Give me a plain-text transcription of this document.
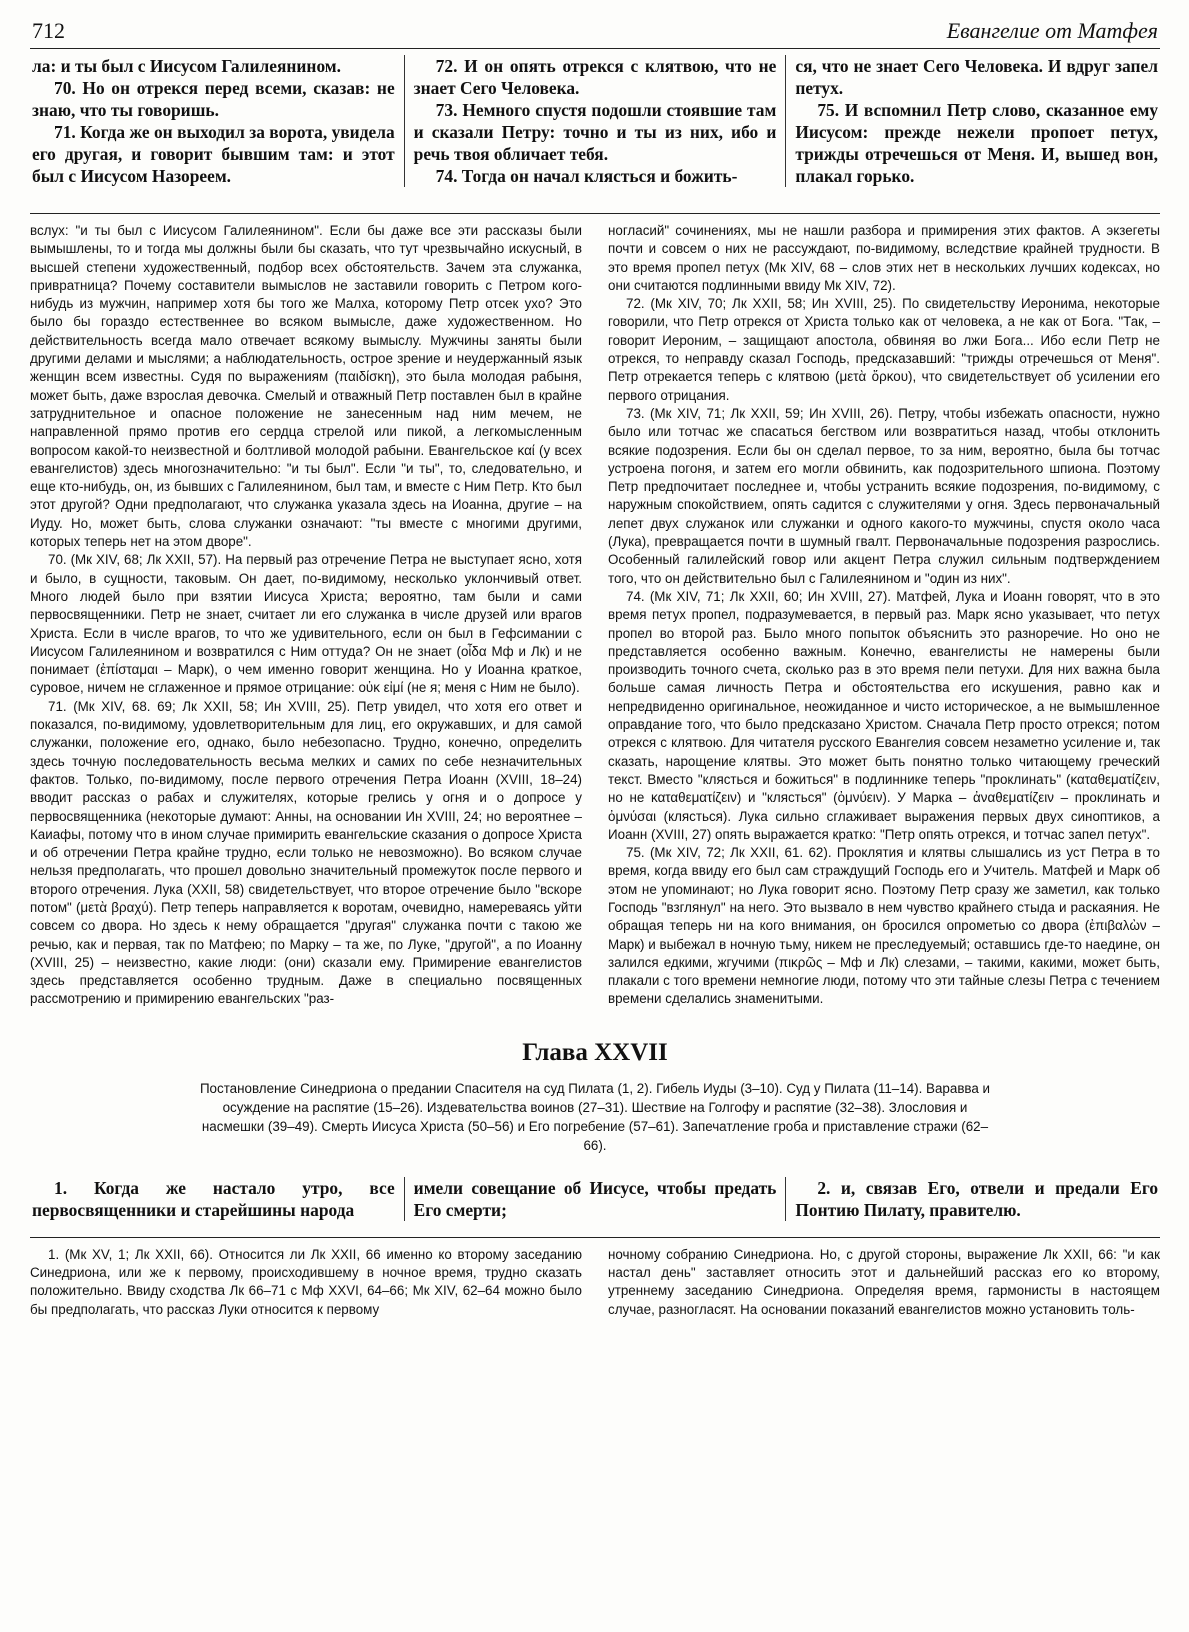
712	Евангелие от Матфея

ла: и ты был с Иисусом Галилеянином.

70. Но он отрекся перед всеми, сказав: не знаю, что ты говоришь.

71. Когда же он выходил за ворота, увидела его другая, и говорит бывшим там: и этот был с Иисусом Назореем.

72. И он опять отрекся с клятвою, что не знает Сего Человека.

73. Немного спустя подошли стоявшие там и сказали Петру: точно и ты из них, ибо и речь твоя обличает тебя.

74. Тогда он начал клясться и божить-

ся, что не знает Сего Человека. И вдруг запел петух.

75. И вспомнил Петр слово, сказанное ему Иисусом: прежде нежели пропоет петух, трижды отречешься от Меня. И, вышед вон, плакал горько.

вслух: "и ты был с Иисусом Галилеянином". Если бы даже все эти рассказы были вымышлены, то и тогда мы должны были бы сказать, что тут чрезвычайно искусный, в высшей степени художественный, подбор всех обстоятельств. Зачем эта служанка, привратница? Почему составители вымыслов не заставили говорить с Петром кого-нибудь из мужчин, например хотя бы того же Малха, которому Петр отсек ухо? Это было бы гораздо естественнее во всяком вымысле, даже художественном. Но действительность всегда мало отвечает всякому вымыслу. Мужчины заняты были другими делами и мыслями; а наблюдательность, острое зрение и неудержанный язык женщин всем известны. Судя по выражениям (παιδίσκη), это была молодая рабыня, может быть, даже взрослая девочка. Смелый и отважный Петр поставлен был в крайне затруднительное и опасное положение не занесенным над ним мечем, не направленной прямо против его сердца стрелой или пикой, а легкомысленным вопросом какой-то неизвестной и болтливой молодой рабыни. Евангельское καί (у всех евангелистов) здесь многозначительно: "и ты был". Если "и ты", то, следовательно, и еще кто-нибудь, он, из бывших с Галилеянином, был там, и вместе с Ним Петр. Кто был этот другой? Одни предполагают, что служанка указала здесь на Иоанна, другие – на Иуду. Но, может быть, слова служанки означают: "ты вместе с многими другими, которых теперь нет на этом дворе".

70. (Мк XIV, 68; Лк XXII, 57). На первый раз отречение Петра не выступает ясно, хотя и было, в сущности, таковым. Он дает, по-видимому, несколько уклончивый ответ. Много людей было при взятии Иисуса Христа; вероятно, там были и сами первосвященники. Петр не знает, считает ли его служанка в числе друзей или врагов Христа. Если в числе врагов, то что же удивительного, если он был в Гефсимании с Иисусом Галилеянином и возвратился с Ним оттуда? Он не знает (οἶδα Мф и Лк) и не понимает (ἐπίσταμαι – Марк), о чем именно говорит женщина. Но у Иоанна краткое, суровое, ничем не сглаженное и прямое отрицание: οὐκ εἰμί (не я; меня с Ним не было).

71. (Мк XIV, 68. 69; Лк XXII, 58; Ин XVIII, 25). Петр увидел, что хотя его ответ и показался, по-видимому, удовлетворительным для лиц, его окружавших, и для самой служанки, положение его, однако, было небезопасно. Трудно, конечно, определить здесь точную последовательность весьма мелких и самих по себе незначительных фактов. Только, по-видимому, после первого отречения Петра Иоанн (XVIII, 18–24) вводит рассказ о рабах и служителях, которые грелись у огня и о допросе у первосвященника (некоторые думают: Анны, на основании Ин XVIII, 24; но вероятнее – Каиафы, потому что в ином случае примирить евангельские сказания о допросе Христа и об отречении Петра крайне трудно, если только не невозможно). Во всяком случае нельзя предполагать, что прошел довольно значительный промежуток после первого и второго отречения. Лука (XXII, 58) свидетельствует, что второе отречение было "вскоре потом" (μετὰ βραχύ). Петр теперь направляется к воротам, очевидно, намереваясь уйти совсем со двора. Но здесь к нему обращается "другая" служанка почти с такою же речью, как и первая, так по Матфею; по Марку – та же, по Луке, "другой", а по Иоанну (XVIII, 25) – неизвестно, какие люди: (они) сказали ему. Примирение евангелистов здесь представляется особенно трудным. Даже в специально посвященных рассмотрению и примирению евангельских "раз-

ногласий" сочинениях, мы не нашли разбора и примирения этих фактов. А экзегеты почти и совсем о них не рассуждают, по-видимому, вследствие крайней трудности. В это время пропел петух (Мк XIV, 68 – слов этих нет в нескольких лучших кодексах, но они считаются подлинными ввиду Мк XIV, 72).

72. (Мк XIV, 70; Лк XXII, 58; Ин XVIII, 25). По свидетельству Иеронима, некоторые говорили, что Петр отрекся от Христа только как от человека, а не как от Бога. "Так, – говорит Иероним, – защищают апостола, обвиняя во лжи Бога... Ибо если Петр не отрекся, то неправду сказал Господь, предсказавший: "трижды отречешься от Меня". Петр отрекается теперь с клятвою (μετὰ ὅρκου), что свидетельствует об усилении его первого отрицания.

73. (Мк XIV, 71; Лк XXII, 59; Ин XVIII, 26). Петру, чтобы избежать опасности, нужно было или тотчас же спасаться бегством или возвратиться назад, чтобы отклонить всякие подозрения. Если бы он сделал первое, то за ним, вероятно, была бы тотчас устроена погоня, и затем его могли обвинить, как подозрительного шпиона. Поэтому Петр предпочитает последнее и, чтобы устранить всякие подозрения, по-видимому, с наружным спокойствием, опять садится с служителями у огня. Здесь первоначальный лепет двух служанок или служанки и одного какого-то мужчины, спустя около часа (Лука), превращается почти в шумный гвалт. Первоначальные подозрения разрослись. Особенный галилейский говор или акцент Петра служил сильным подтверждением того, что он действительно был с Галилеянином и "один из них".

74. (Мк XIV, 71; Лк XXII, 60; Ин XVIII, 27). Матфей, Лука и Иоанн говорят, что в это время петух пропел, подразумевается, в первый раз. Марк ясно указывает, что петух пропел во второй раз. Было много попыток объяснить это разноречие. Но оно не представляется особенно важным. Конечно, евангелисты не намерены были производить точного счета, сколько раз в это время пели петухи. Для них важна была больше самая личность Петра и обстоятельства его искушения, равно как и непредвиденно оригинальное, неожиданное и чисто историческое, а не вымышленное оправдание того, что было предсказано Христом. Сначала Петр просто отрекся; потом отрекся с клятвою. Для читателя русского Евангелия совсем незаметно усиление и, так сказать, нарощение клятвы. Это может быть понятно только читающему греческий текст. Вместо "клясться и божиться" в подлиннике теперь "проклинать" (καταθεματίζειν, но не καταθεματίζειν) и "клясться" (ὀμνύειν). У Марка – ἀναθεματίζειν – проклинать и ὀμνύσαι (клясться). Лука сильно сглаживает выражения первых двух синоптиков, а Иоанн (XVIII, 27) опять выражается кратко: "Петр опять отрекся, и тотчас запел петух".

75. (Мк XIV, 72; Лк XXII, 61. 62). Проклятия и клятвы слышались из уст Петра в то время, когда ввиду его был сам страждущий Господь его и Учитель. Матфей и Марк об этом не упоминают; но Лука говорит ясно. Поэтому Петр сразу же заметил, как только Господь "взглянул" на него. Это вызвало в нем чувство крайнего стыда и раскаяния. Не обращая теперь ни на кого внимания, он бросился опрометью со двора (ἐπιβαλὼν – Марк) и выбежал в ночную тьму, никем не преследуемый; оставшись где-то наедине, он залился едкими, жгучими (πικρῶς – Мф и Лк) слезами, – такими, какими, может быть, плакали с того времени немногие люди, потому что эти тайные слезы Петра с течением времени сделались знаменитыми.

Глава XXVII
Постановление Синедриона о предании Спасителя на суд Пилата (1, 2). Гибель Иуды (3–10). Суд у Пилата (11–14). Варавва и осуждение на распятие (15–26). Издевательства воинов (27–31). Шествие на Голгофу и распятие (32–38). Злословия и насмешки (39–49). Смерть Иисуса Христа (50–56) и Его погребение (57–61). Запечатление гроба и приставление стражи (62–66).

1. Когда же настало утро, все первосвященники и старейшины народа

имели совещание об Иисусе, чтобы предать Его смерти;

2. и, связав Его, отвели и предали Его Понтию Пилату, правителю.

1. (Мк XV, 1; Лк XXII, 66). Относится ли Лк XXII, 66 именно ко второму заседанию Синедриона, или же к первому, происходившему в ночное время, трудно сказать положительно. Ввиду сходства Лк 66–71 с Мф XXVI, 64–66; Мк XIV, 62–64 можно было бы предполагать, что рассказ Луки относится к первому

ночному собранию Синедриона. Но, с другой стороны, выражение Лк XXII, 66: "и как настал день" заставляет относить этот и дальнейший рассказ его ко второму, утреннему заседанию Синедриона. Определяя время, гармонисты в настоящем случае, разногласят. На основании показаний евангелистов можно установить толь-
